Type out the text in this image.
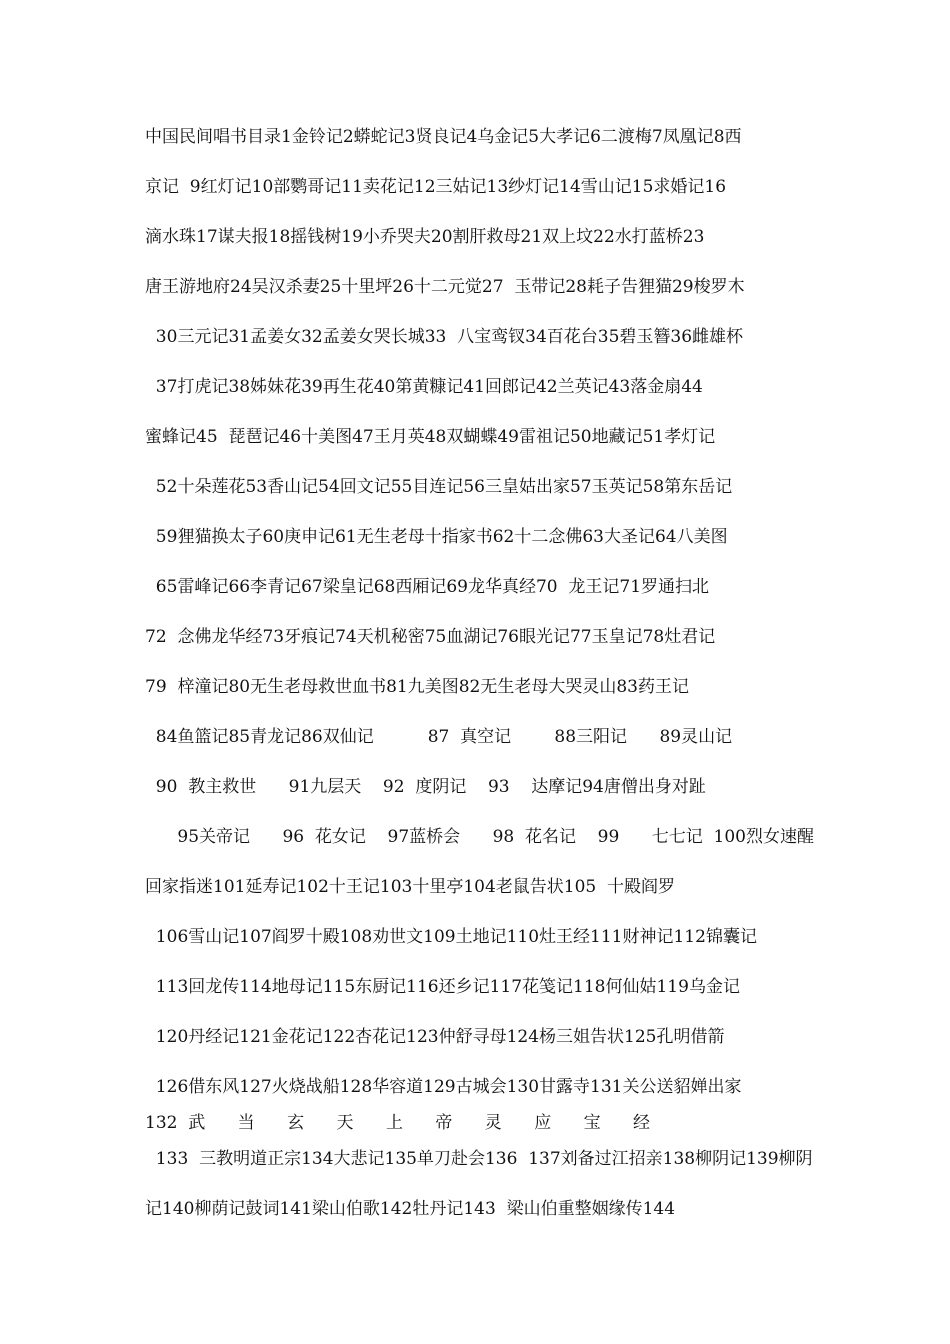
中国民间唱书目录1金铃记2蟒蛇记3贤良记4乌金记5大孝记6二渡梅7凤凰记8西
京记  9红灯记10部鹦哥记11卖花记12三姑记13纱灯记14雪山记15求婚记16
滴水珠17谋夫报18摇钱树19小乔哭夫20割肝救母21双上坟22水打蓝桥23
唐王游地府24吴汉杀妻25十里坪26十二元觉27  玉带记28耗子告狸猫29梭罗木
30三元记31孟姜女32孟姜女哭长城33  八宝鸾钗34百花台35碧玉簪36雌雄杯
37打虎记38姊妹花39再生花40第黄糠记41回郎记42兰英记43落金扇44
蜜蜂记45  琵琶记46十美图47王月英48双蝴蝶49雷祖记50地藏记51孝灯记
52十朵莲花53香山记54回文记55目连记56三皇姑出家57玉英记58第东岳记
59狸猫换太子60庚申记61无生老母十指家书62十二念佛63大圣记64八美图
65雷峰记66李青记67梁皇记68西厢记69龙华真经70  龙王记71罗通扫北
72  念佛龙华经73牙痕记74天机秘密75血湖记76眼光记77玉皇记78灶君记
79  梓潼记80无生老母救世血书81九美图82无生老母大哭灵山83药王记
84鱼篮记85青龙记86双仙记          87  真空记        88三阳记      89灵山记
90  教主救世      91九层天    92  度阴记    93    达摩记94唐僧出身对趾
95关帝记      96  花女记    97蓝桥会      98  花名记    99      七七记  100烈女速醒
回家指迷101延寿记102十王记103十里亭104老鼠告状105  十殿阎罗
106雪山记107阎罗十殿108劝世文109土地记110灶王经111财神记112锦囊记
113回龙传114地母记115东厨记116还乡记117花笺记118何仙姑119乌金记
120丹经记121金花记122杏花记123仲舒寻母124杨三姐告状125孔明借箭
126借东风127火烧战船128华容道129古城会130甘露寺131关公送貂婵出家
132  武      当      玄      天      上      帝      灵      应      宝      经
133  三教明道正宗134大悲记135单刀赴会136  137刘备过江招亲138柳阴记139柳阴
记140柳荫记鼓词141梁山伯歌142牡丹记143  梁山伯重整姻缘传144
